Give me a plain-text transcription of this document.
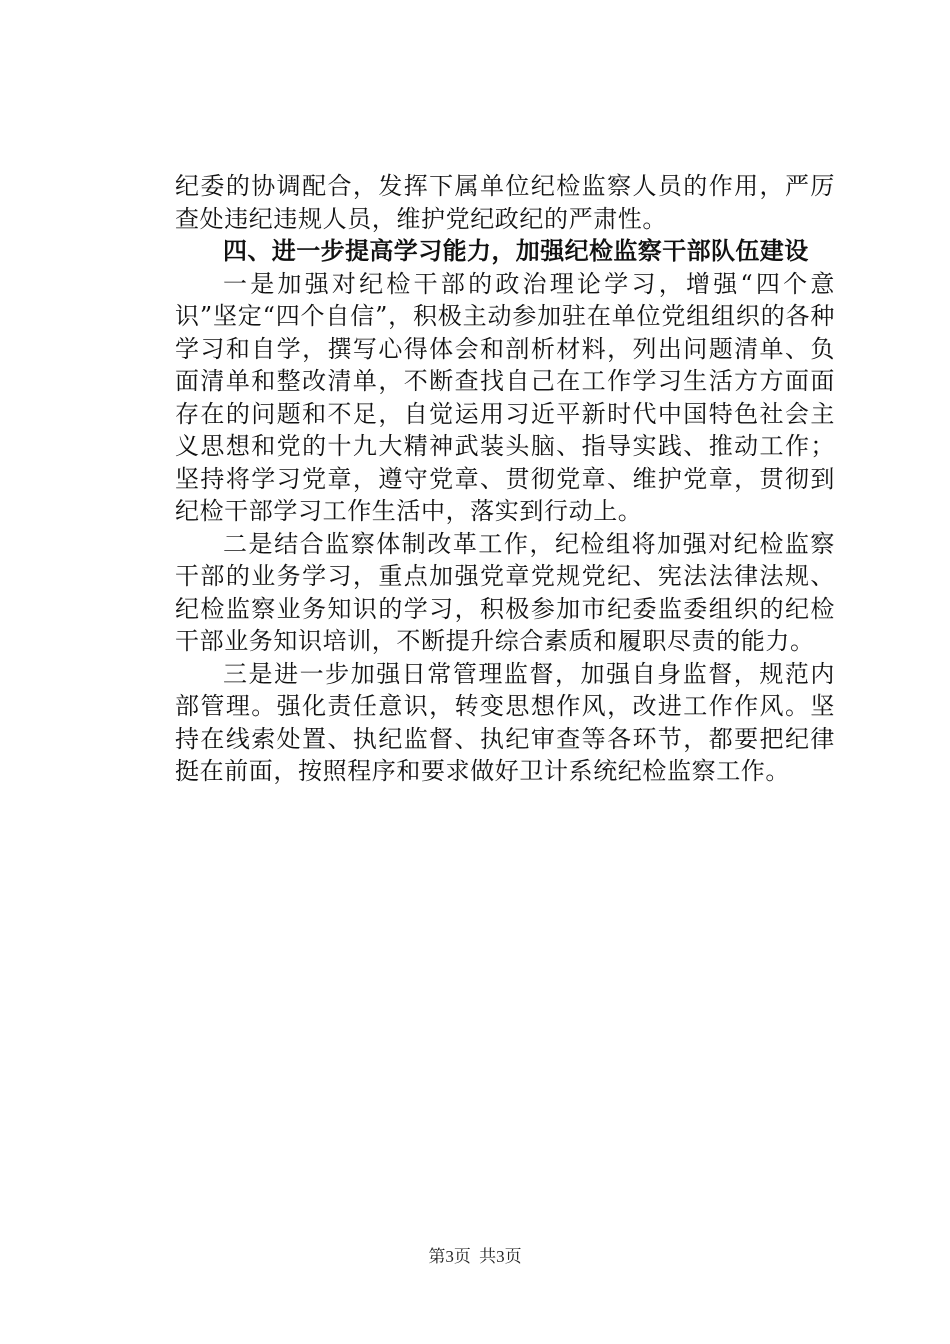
纪委的协调配合，发挥下属单位纪检监察人员的作用，严厉查处违纪违规人员，维护党纪政纪的严肃性。

四、进一步提高学习能力，加强纪检监察干部队伍建设

一是加强对纪检干部的政治理论学习，增强“四个意识”坚定“四个自信”，积极主动参加驻在单位党组组织的各种学习和自学，撰写心得体会和剖析材料，列出问题清单、负面清单和整改清单，不断查找自己在工作学习生活方方面面存在的问题和不足，自觉运用习近平新时代中国特色社会主义思想和党的十九大精神武装头脑、指导实践、推动工作；坚持将学习党章，遵守党章、贯彻党章、维护党章，贯彻到纪检干部学习工作生活中，落实到行动上。

二是结合监察体制改革工作，纪检组将加强对纪检监察干部的业务学习，重点加强党章党规党纪、宪法法律法规、纪检监察业务知识的学习，积极参加市纪委监委组织的纪检干部业务知识培训，不断提升综合素质和履职尽责的能力。

三是进一步加强日常管理监督，加强自身监督，规范内部管理。强化责任意识，转变思想作风，改进工作作风。坚持在线索处置、执纪监督、执纪审查等各环节，都要把纪律挺在前面，按照程序和要求做好卫计系统纪检监察工作。

第3页 共3页
